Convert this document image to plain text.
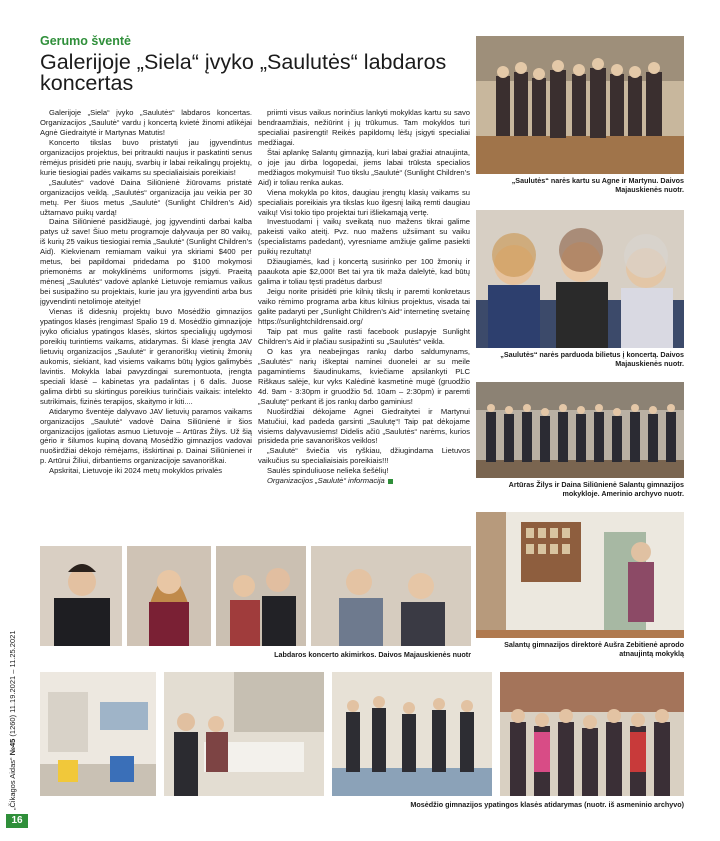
Gerumo šventė
Galerijoje „Siela“ įvyko „Saulutės“ labdaros koncertas

Galerijoje „Siela“ įvyko „Saulutės“ labdaros koncertas. Organizacijos „Saulutė“ vardu į koncertą kvietė žinomi atlikėjai Agnė Giedraitytė ir Martynas Matutis!

Koncerto tikslas buvo pristatyti jau įgyvendintus organizacijos projektus, bei pritraukti naujus ir paskatinti senus rėmėjus prisidėti prie naujų, svarbių ir labai reikalingų projektų, kurie tiesiogiai padės vaikams su specialiaisiais poreikiais!

„Saulutės“ vadovė Daina Siliūnienė žiūrovams pristatė organizacijos veiklą. „Saulutės“ organizacija jau veikia per 30 metų. Per šiuos metus „Saulutė“ (Sunlight Children’s Aid) užtarnavo puikų vardą!

Daina Siliūnienė pasidžiaugė, jog įgyvendinti darbai kalba patys už save! Šiuo metu programoje dalyvauja per 80 vaikų, iš kurių 25 vaikus tiesiogiai remia „Saulutė“ (Sunlight Children’s Aid). Kiekvienam remiamam vaikui yra skiriami $400 per metus, bei papildomai pridedama po $100 mokymosi priemonėms ar mokyklinėms uniformoms įsigyti. Praeitą mėnesį „Saulutės“ vadovė aplankė Lietuvoje remiamus vaikus bei susipažino su projektais, kurie jau yra įgyvendinti arba bus įgyvendinti netolimoje ateityje!

Vienas iš didesnių projektų buvo Mosėdžio gimnazijos ypatingos klasės įrengimas! Spalio 19 d. Mosėdžio gimnazijoje įvyko oficialus ypatingos klasės, skirtos specialiųjų ugdymosi poreikių turintiems vaikams, atidarymas. Ši klasė įrengta JAV lietuvių organizacijos „Saulutė“ ir geranoriškų vietinių žmonių aukomis, siekiant, kad visiems vaikams būtų lygios galimybės lavintis. Mokykla labai pavyzdingai suremontuota, įrengta speciali klasė – kabinetas yra padalintas į 6 dalis. Juose galima dirbti su skirtingus poreikius turinčiais vaikais: intelekto sutrikimais, fizinės terapijos, skaitymo ir kiti....

Atidarymo šventėje dalyvavo JAV lietuvių paramos vaikams organizacijos „Saulutė“ vadovė Daina Siliūnienė ir šios organizacijos įgaliotas asmuo Lietuvoje – Artūras Žilys. Už šią gėrio ir šilumos kupiną dovaną Mosėdžio gimnazijos vadovai nuoširdžiai dėkojo rėmėjams, išskirtinai p. Dainai Siliūnienei ir p. Artūrui Žiliui, dirbantiems organizacijoje savanoriškai.

Apskritai, Lietuvoje iki 2024 metų mokyklos privalės

priimti visus vaikus norinčius lankyti mokyklas kartu su savo bendraamžiais, nežiūrint į jų trūkumus. Tam mokyklos turi specialiai pasirengti! Reikės papildomų lėšų įsigyti specialiai medžiagai.

Štai aplankę Salantų gimnaziją, kuri labai gražiai atnaujinta, o joje jau dirba logopedai, jiems labai trūksta specialios medžiagos mokymuisi! Tuo tikslu „Saulutė“ (Sunlight Children’s Aid) ir toliau renka aukas.

Viena mokykla po kitos, daugiau įrengtų klasių vaikams su specialiais poreikiais yra tikslas kuo ilgesnį laiką remti daugiau vaikų! Visi tokio tipo projektai turi išliekamąją vertę.

Investuodami į vaikų sveikatą nuo mažens tikrai galime pakeisti vaiko ateitį. Pvz. nuo mažens užsiimant su vaiku (specialistams padedant), vyresniame amžiuje galime pasiekti puikių rezultatų!

Džiaugiamės, kad į koncertą susirinko per 100 žmonių ir paaukota apie $2,000! Bet tai yra tik maža dalelytė, kad būtų galima ir toliau tęsti pradėtus darbus!

Jeigu norite prisidėti prie kilnių tikslų ir paremti konkretaus vaiko rėmimo programa arba kitus kilnius projektus, visada tai galite padaryti per „Sunlight Children’s Aid“ internetinę svetainę https://sunlightchildrensaid.org/

Taip pat mus galite rasti facebook puslapyje Sunlight Children’s Aid ir plačiau susipažinti su „Saulutės“ veikla.

O kas yra neabejingas rankų darbo saldumynams, „Saulutės“ narių iškeptai naminei duonelei ar su meile pagamintiems šiaudinukams, kviečiame apsilankyti PLC Riškaus salėje, kur vyks Kalėdinė kasmetinė mugė (gruodžio 4d. 9am - 3:30pm ir gruodžio 5d. 10am – 2:30pm) ir paremti „Saulutę“ perkant iš jos rankų darbo gaminius!

Nuoširdžiai dėkojame Agnei Giedraitytei ir Martynui Matučiui, kad padeda garsinti „Saulutę“! Taip pat dėkojame visiems dalyvavusiems! Didelis ačiū „Saulutės“ narėms, kurios prisideda prie savanoriškos veiklos!

„Saulutė“ šviečia vis ryškiau, džiugindama Lietuvos vaikučius su specialiaisiais poreikiais!!!

Saulės spinduliuose nelieka šešėlių!

Organizacijos „Saulutė“ informacija

„Saulutės“ narės kartu su Agne ir Martynu. Daivos Majauskienės nuotr.
„Saulutės“ narės parduoda bilietus į koncertą. Daivos Majauskienės nuotr.
Artūras Žilys ir Daina Siliūnienė Salantų gimnazijos mokykloje. Amerinio archyvo nuotr.
Salantų gimnazijos direktorė Aušra Zebitienė aprodo atnaujintą mokyklą
Labdaros koncerto akimirkos. Daivos Majauskienės nuotr
Mosėdžio gimnazijos ypatingos klasės atidarymas (nuotr. iš asmeninio archyvo)
„Čikagos Aidas“ №45 (1260) 11.19.2021 – 11.25.2021
16
